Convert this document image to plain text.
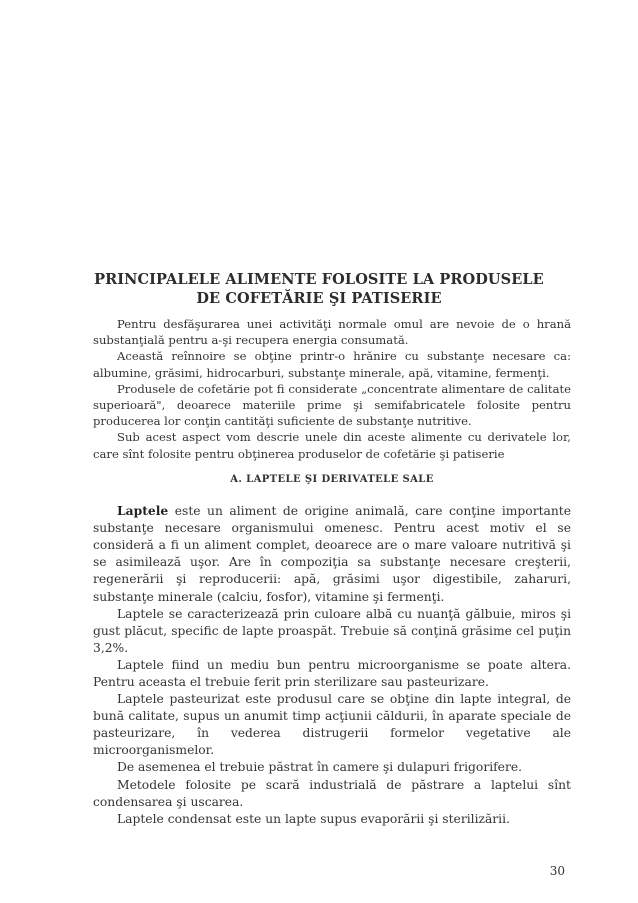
PRINCIPALELE ALIMENTE FOLOSITE LA PRODUSELE
DE COFETĂRIE ŞI PATISERIE

Pentru desfăşurarea unei activităţi normale omul are nevoie de o hrană substanţială pentru a-şi recupera energia consumată.

Această reînnoire se obţine printr-o hrănire cu substanţe necesare ca: albumine, grăsimi, hidrocarburi, substanţe minerale, apă, vitamine, fermenţi.

Produsele de cofetărie pot fi considerate „concentrate alimentare de calitate superioară", deoarece materiile prime şi semifabricatele folosite pentru producerea lor conţin cantităţi suficiente de substanţe nutritive.

Sub acest aspect vom descrie unele din aceste alimente cu derivatele lor, care sînt folosite pentru obţinerea produselor de cofetărie şi patiserie

A. LAPTELE ŞI DERIVATELE SALE

Laptele este un aliment de origine animală, care conţine importante substanţe necesare organismului omenesc. Pentru acest motiv el se consideră a fi un aliment complet, deoarece are o mare valoare nutritivă şi se asimilează uşor. Are în compoziţia sa substanţe necesare creşterii, regenerării şi reproducerii: apă, grăsimi uşor digestibile, zaharuri, substanţe minerale (calciu, fosfor), vitamine şi fermenţi.

Laptele se caracterizează prin culoare albă cu nuanţă gălbuie, miros şi gust plăcut, specific de lapte proaspăt. Trebuie să conţină grăsime cel puţin 3,2%.

Laptele fiind un mediu bun pentru microorganisme se poate altera. Pentru aceasta el trebuie ferit prin sterilizare sau pasteurizare.

Laptele pasteurizat este produsul care se obţine din lapte integral, de bună calitate, supus un anumit timp acţiunii căldurii, în aparate speciale de pasteurizare, în vederea distrugerii formelor vegetative ale microorganismelor.

De asemenea el trebuie păstrat în camere şi dulapuri frigorifere.

Metodele folosite pe scară industrială de păstrare a laptelui sînt condensarea şi uscarea.

Laptele condensat este un lapte supus evaporării şi sterilizării.

30
